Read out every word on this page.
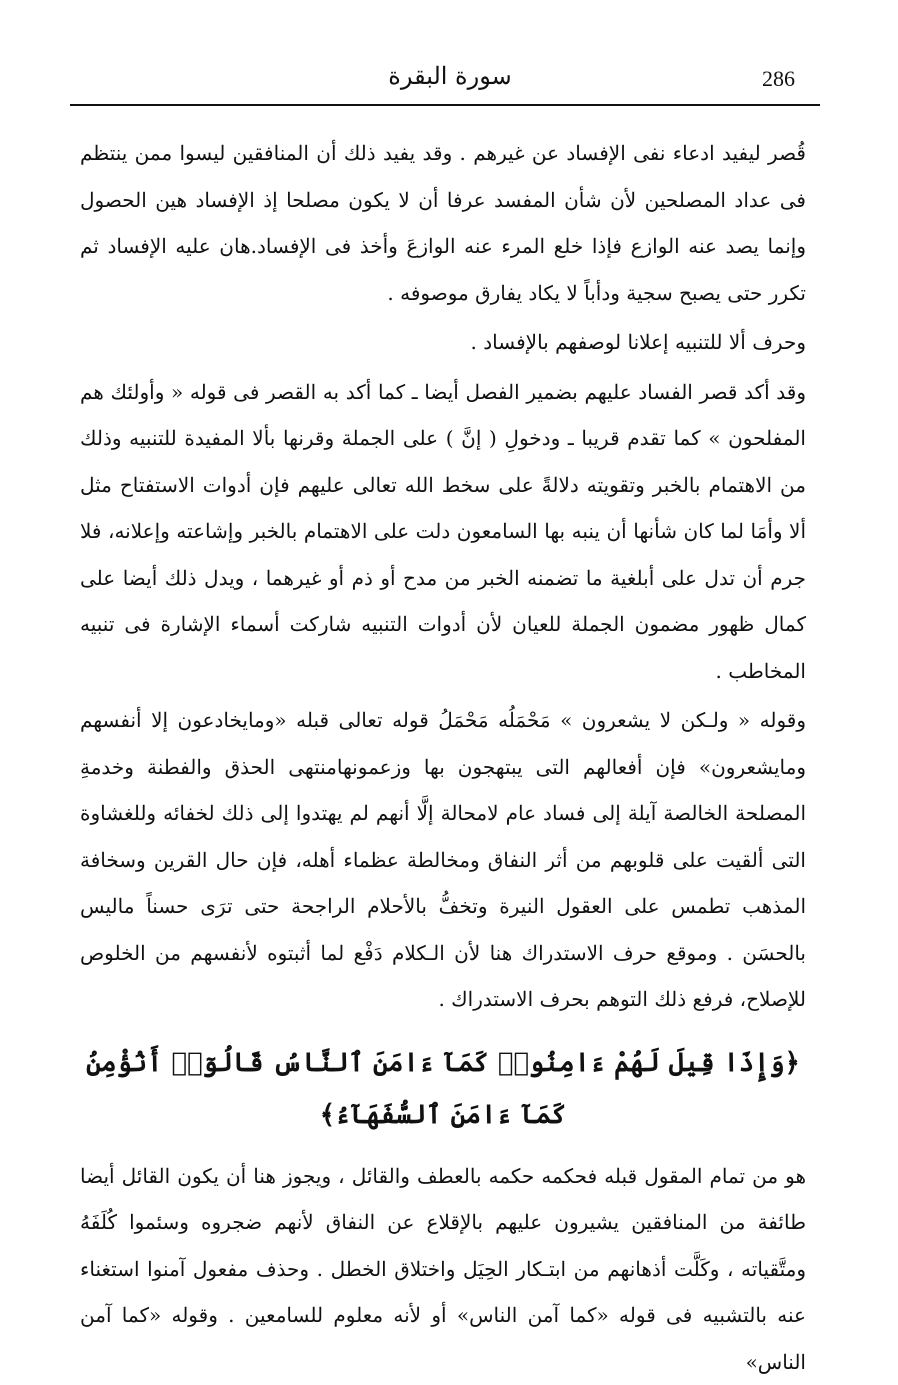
286
سورة البقرة

قُصر ليفيد ادعاء نفى الإفساد عن غيرهم . وقد يفيد ذلك أن المنافقين ليسوا ممن ينتظم فى عداد المصلحين لأن شأن المفسد عرفا أن لا يكون مصلحا إذ الإفساد هين الحصول وإنما يصد عنه الوازع فإذا خلع المرء عنه الوازعَ وأخذ فى الإفساد.هان عليه الإفساد ثم تكرر حتى يصبح سجية ودأباً لا يكاد يفارق موصوفه .

وحرف ألا للتنبيه إعلانا لوصفهم بالإفساد .

وقد أكد قصر الفساد عليهم بضمير الفصل أيضا ـ كما أكد به القصر فى قوله « وأولئك هم المفلحون » كما تقدم قريبا ـ ودخولِ ( إنَّ ) على الجملة وقرنها بألا المفيدة للتنبيه وذلك من الاهتمام بالخبر وتقويته دلالةً على سخط الله تعالى عليهم فإن أدوات الاستفتاح مثل ألا وأمَا لما كان شأنها أن ينبه بها السامعون دلت على الاهتمام بالخبر وإشاعته وإعلانه، فلا جرم أن تدل على أبلغية ما تضمنه الخبر من مدح أو ذم أو غيرهما ، ويدل ذلك أيضا على كمال ظهور مضمون الجملة للعيان لأن أدوات التنبيه شاركت أسماء الإشارة فى تنبيه المخاطب .

وقوله « ولـكن لا يشعرون » مَحْمَلُه مَحْمَلُ قوله تعالى قبله «ومايخادعون إلا أنفسهم ومايشعرون» فإن أفعالهم التى يبتهجون بها وزعمونهامنتهى الحذق والفطنة وخدمةِ المصلحة الخالصة آيلة إلى فساد عام لامحالة إلَّا أنهم لم يهتدوا إلى ذلك لخفائه وللغشاوة التى ألقيت على قلوبهم من أثر النفاق ومخالطة عظماء أهله، فإن حال القرين وسخافة المذهب تطمس على العقول النيرة وتخفُّ بالأحلام الراجحة حتى ترَى حسناً ماليس بالحسَن . وموقع حرف الاستدراك هنا لأن الـكلام دَفْع لما أثبتوه لأنفسهم من الخلوص للإصلاح، فرفع ذلك التوهم بحرف الاستدراك .

﴿وَإِذَا قِيلَ لَهُمْ ءَامِنُوا۟ كَمَآ ءَامَنَ ٱلنَّاسُ قَالُوٓا۟ أَنُؤْمِنُ كَمَآ ءَامَنَ ٱلسُّفَهَآءُ﴾

هو من تمام المقول قبله فحكمه حكمه بالعطف والقائل ، ويجوز هنا أن يكون القائل أيضا طائفة من المنافقين يشيرون عليهم بالإقلاع عن النفاق لأنهم ضجروه وسئموا كُلَفَهُ ومتَّقياته ، وكَلَّت أذهانهم من ابتـكار الحِيَل واختلاق الخطل . وحذف مفعول آمنوا استغناء عنه بالتشبيه فى قوله «كما آمن الناس» أو لأنه معلوم للسامعين . وقوله «كما آمن الناس»
